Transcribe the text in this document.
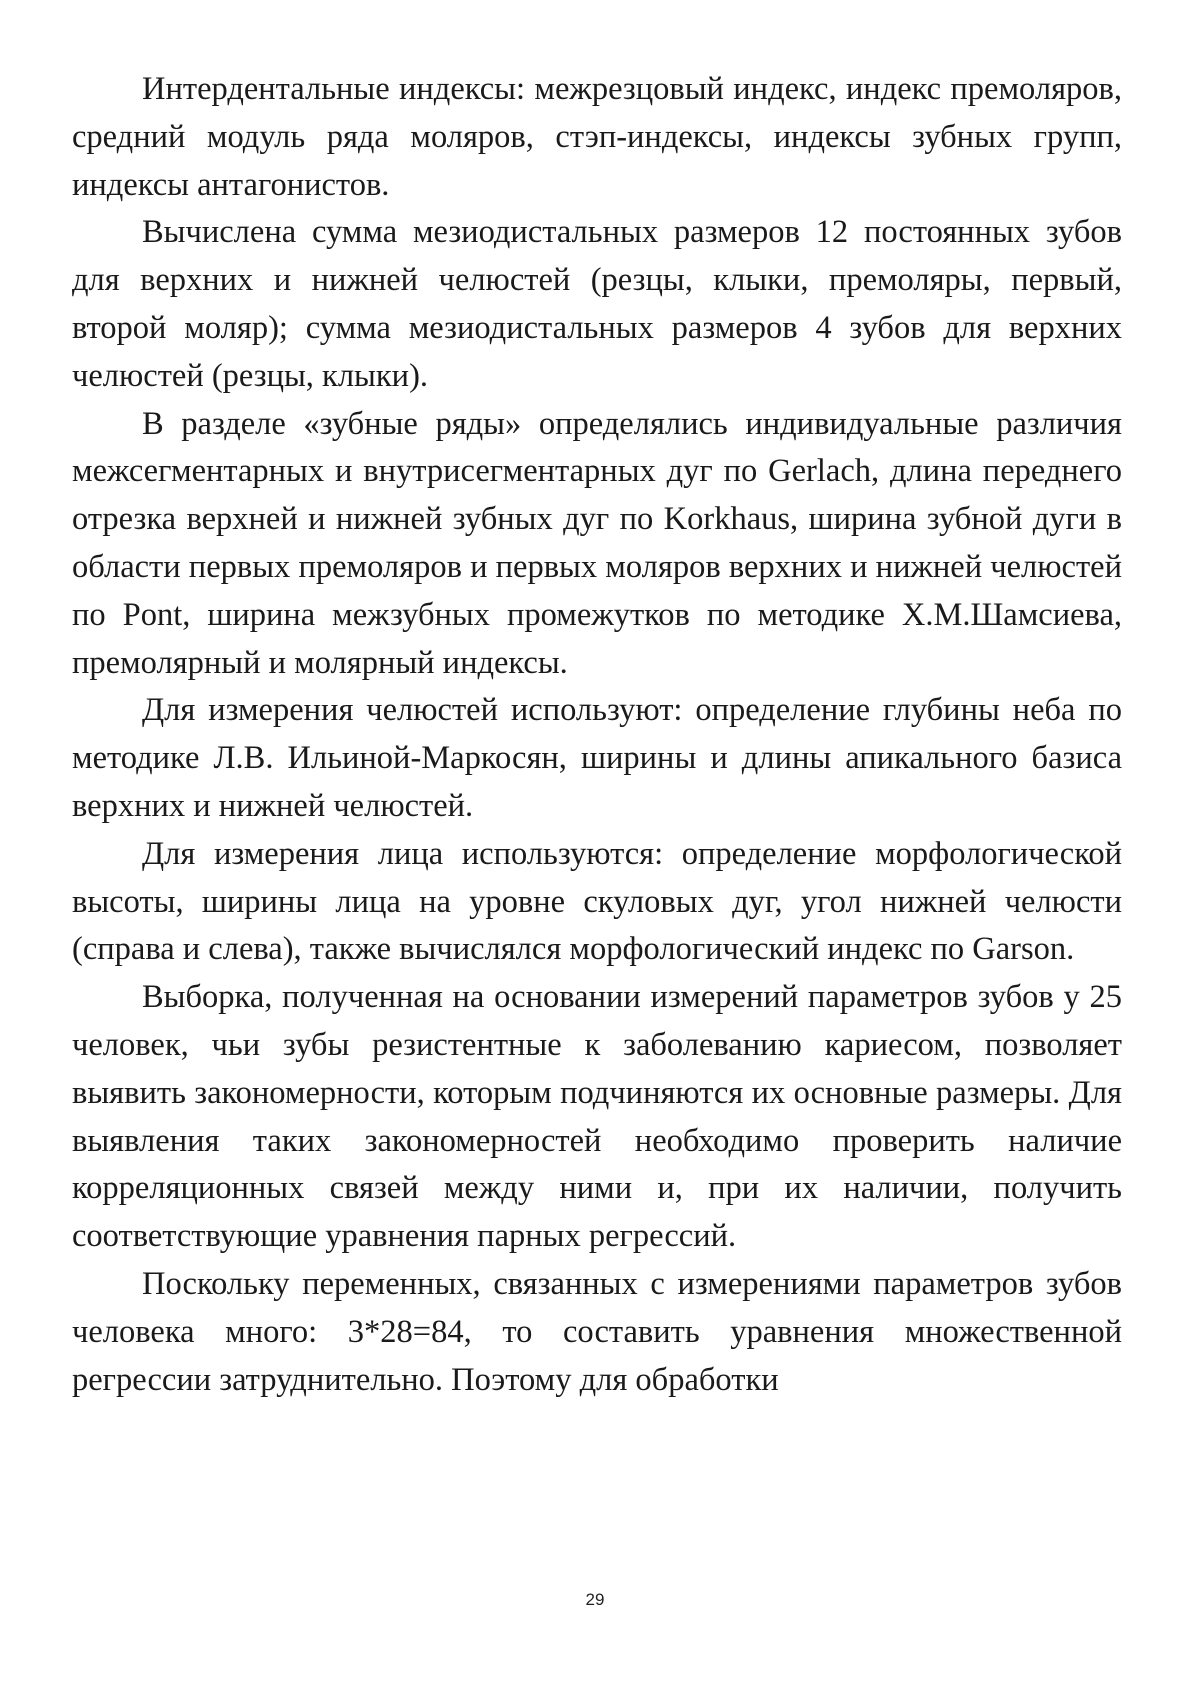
Интердентальные индексы: межрезцовый индекс, индекс премоляров, средний модуль ряда моляров, стэп-индексы, индексы зубных групп, индексы антагонистов.

Вычислена сумма мезиодистальных размеров 12 постоянных зубов для верхних и нижней челюстей (резцы, клыки, премоляры, первый, второй моляр); сумма мезиодистальных размеров 4 зубов для верхних челюстей (резцы, клыки).

В разделе «зубные ряды» определялись индивидуальные различия межсегментарных и внутрисегментарных дуг по Gerlach, длина переднего отрезка верхней и нижней зубных дуг по Korkhaus, ширина зубной дуги в области первых премоляров и первых моляров верхних и нижней челюстей по Pont, ширина межзубных промежутков по методике Х.М.Шамсиева, премолярный и молярный индексы.

Для измерения челюстей используют: определение глубины неба по методике Л.В. Ильиной-Маркосян, ширины и длины апикального базиса верхних и нижней челюстей.

Для измерения лица используются: определение морфологической высоты, ширины лица на уровне скуловых дуг, угол нижней челюсти (справа и слева), также вычислялся морфологический индекс по Garson.

Выборка, полученная на основании измерений параметров зубов у 25 человек, чьи зубы резистентные к заболеванию кариесом, позволяет выявить закономерности, которым подчиняются их основные размеры. Для выявления таких закономерностей необходимо проверить наличие корреляционных связей между ними и, при их наличии, получить соответствующие уравнения парных регрессий.

Поскольку переменных, связанных с измерениями параметров зубов человека много: 3*28=84, то составить уравнения множественной регрессии затруднительно. Поэтому для обработки

29
